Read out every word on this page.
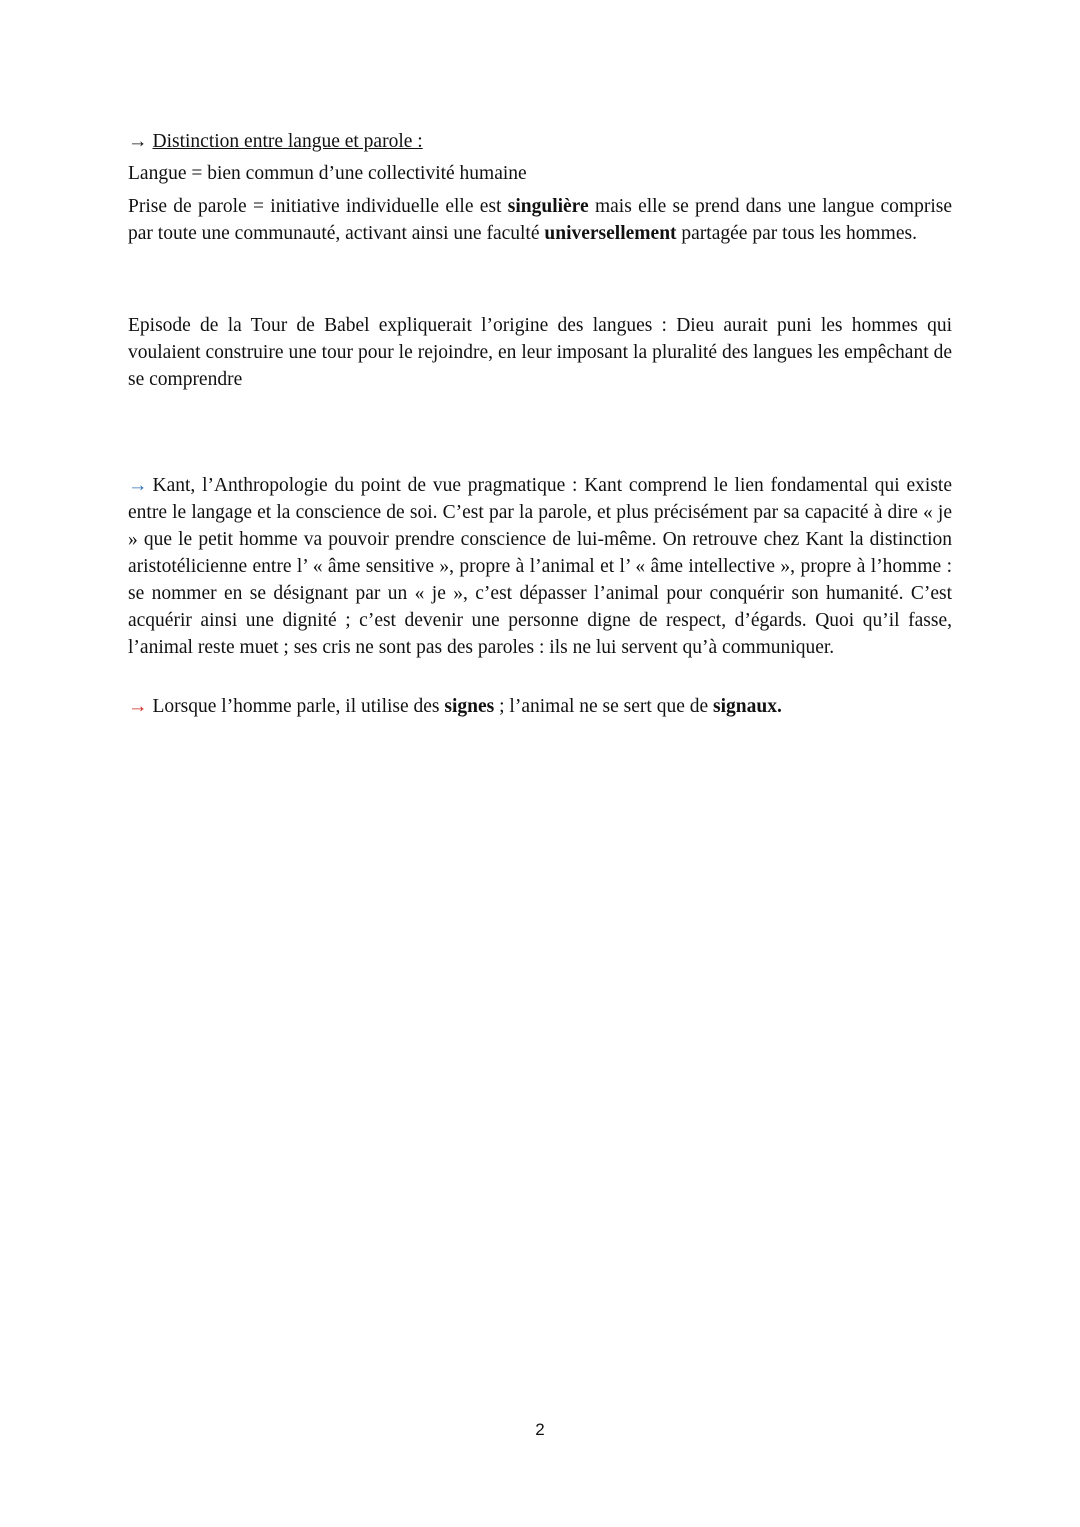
→ Distinction entre langue et parole :

Langue = bien commun d’une collectivité humaine

Prise de parole = initiative individuelle elle est singulière mais elle se prend dans une langue comprise par toute une communauté, activant ainsi une faculté universellement partagée par tous les hommes.

Episode de la Tour de Babel expliquerait l’origine des langues : Dieu aurait puni les hommes qui voulaient construire une tour pour le rejoindre, en leur imposant la pluralité des langues les empêchant de se comprendre

→ Kant, l’Anthropologie du point de vue pragmatique : Kant comprend le lien fondamental qui existe entre le langage et la conscience de soi. C’est par la parole, et plus précisément par sa capacité à dire « je » que le petit homme va pouvoir prendre conscience de lui-même. On retrouve chez Kant la distinction aristotélicienne entre l’ « âme sensitive », propre à l’animal et l’ « âme intellective », propre à l’homme : se nommer en se désignant par un « je », c’est dépasser l’animal pour conquérir son humanité. C’est acquérir ainsi une dignité ; c’est devenir une personne digne de respect, d’égards. Quoi qu’il fasse, l’animal reste muet ; ses cris ne sont pas des paroles : ils ne lui servent qu’à communiquer.

→ Lorsque l’homme parle, il utilise des signes ; l’animal ne se sert que de signaux.

2
